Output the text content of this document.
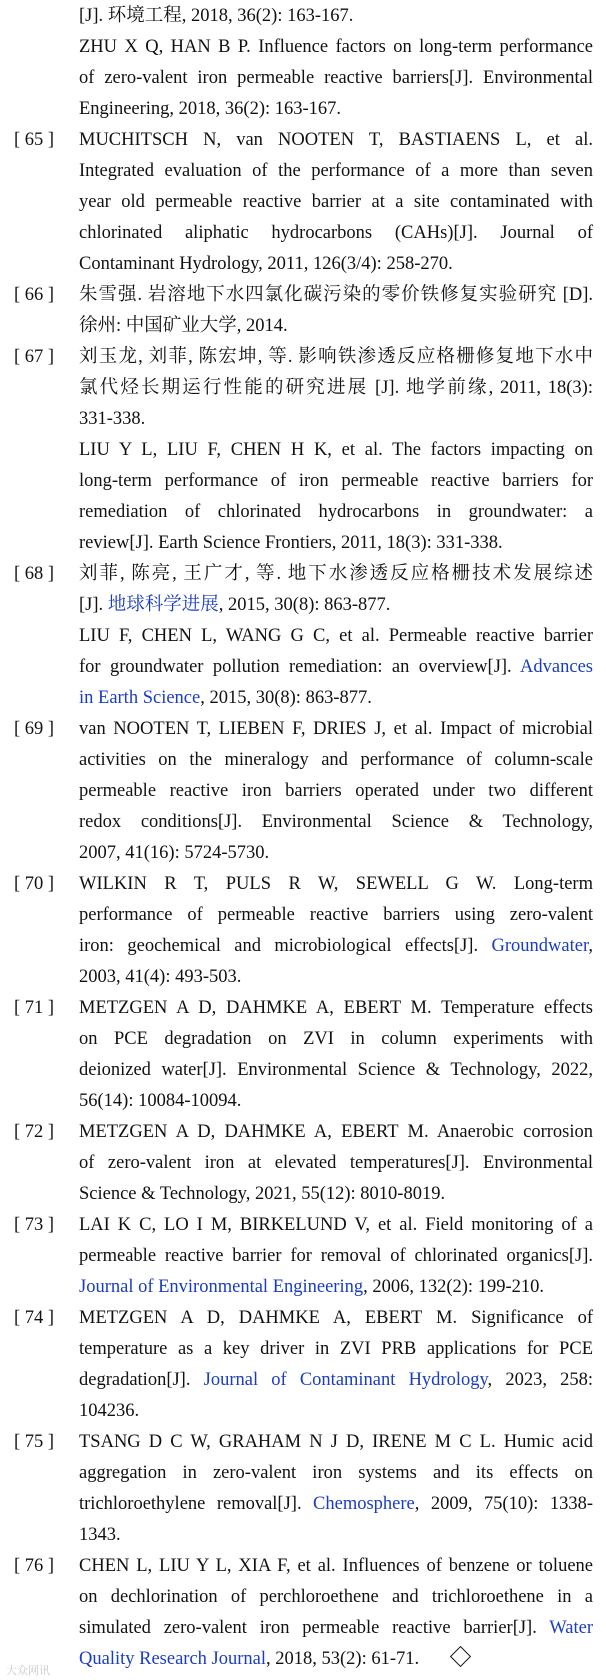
[J]. 环境工程, 2018, 36(2): 163-167.
ZHU X Q, HAN B P. Influence factors on long-term performance
of zero-valent iron permeable reactive barriers[J]. Environmental
Engineering, 2018, 36(2): 163-167.
[ 65 ]	MUCHITSCH N, van NOOTEN T, BASTIAENS L, et al.
Integrated evaluation of the performance of a more than seven
year old permeable reactive barrier at a site contaminated with
chlorinated aliphatic hydrocarbons (CAHs)[J]. Journal of
Contaminant Hydrology, 2011, 126(3/4): 258-270.
[ 66 ]	朱雪强. 岩溶地下水四氯化碳污染的零价铁修复实验研究 [D].
徐州: 中国矿业大学, 2014.
[ 67 ]	刘玉龙, 刘菲, 陈宏坤, 等. 影响铁渗透反应格栅修复地下水中
氯代烃长期运行性能的研究进展 [J]. 地学前缘, 2011, 18(3):
331-338.
LIU Y L, LIU F, CHEN H K, et al. The factors impacting on
long-term performance of iron permeable reactive barriers for
remediation of chlorinated hydrocarbons in groundwater: a
review[J]. Earth Science Frontiers, 2011, 18(3): 331-338.
[ 68 ]	刘菲, 陈亮, 王广才, 等. 地下水渗透反应格栅技术发展综述
[J]. 地球科学进展, 2015, 30(8): 863-877.
LIU F, CHEN L, WANG G C, et al. Permeable reactive barrier
for groundwater pollution remediation: an overview[J]. Advances
in Earth Science, 2015, 30(8): 863-877.
[ 69 ]	van NOOTEN T, LIEBEN F, DRIES J, et al. Impact of microbial
activities on the mineralogy and performance of column-scale
permeable reactive iron barriers operated under two different
redox conditions[J]. Environmental Science & Technology,
2007, 41(16): 5724-5730.
[ 70 ]	WILKIN R T, PULS R W, SEWELL G W. Long-term
performance of permeable reactive barriers using zero-valent
iron: geochemical and microbiological effects[J]. Groundwater,
2003, 41(4): 493-503.
[ 71 ]	METZGEN A D, DAHMKE A, EBERT M. Temperature effects
on PCE degradation on ZVI in column experiments with
deionized water[J]. Environmental Science & Technology, 2022,
56(14): 10084-10094.
[ 72 ]	METZGEN A D, DAHMKE A, EBERT M. Anaerobic corrosion
of zero-valent iron at elevated temperatures[J]. Environmental
Science & Technology, 2021, 55(12): 8010-8019.
[ 73 ]	LAI K C, LO I M, BIRKELUND V, et al. Field monitoring of a
permeable reactive barrier for removal of chlorinated organics[J].
Journal of Environmental Engineering, 2006, 132(2): 199-210.
[ 74 ]	METZGEN A D, DAHMKE A, EBERT M. Significance of
temperature as a key driver in ZVI PRB applications for PCE
degradation[J]. Journal of Contaminant Hydrology, 2023, 258:
104236.
[ 75 ]	TSANG D C W, GRAHAM N J D, IRENE M C L. Humic acid
aggregation in zero-valent iron systems and its effects on
trichloroethylene removal[J]. Chemosphere, 2009, 75(10): 1338-
1343.
[ 76 ]	CHEN L, LIU Y L, XIA F, et al. Influences of benzene or toluene
on dechlorination of perchloroethene and trichloroethene in a
simulated zero-valent iron permeable reactive barrier[J]. Water
Quality Research Journal, 2018, 53(2): 61-71.
大众网讯
